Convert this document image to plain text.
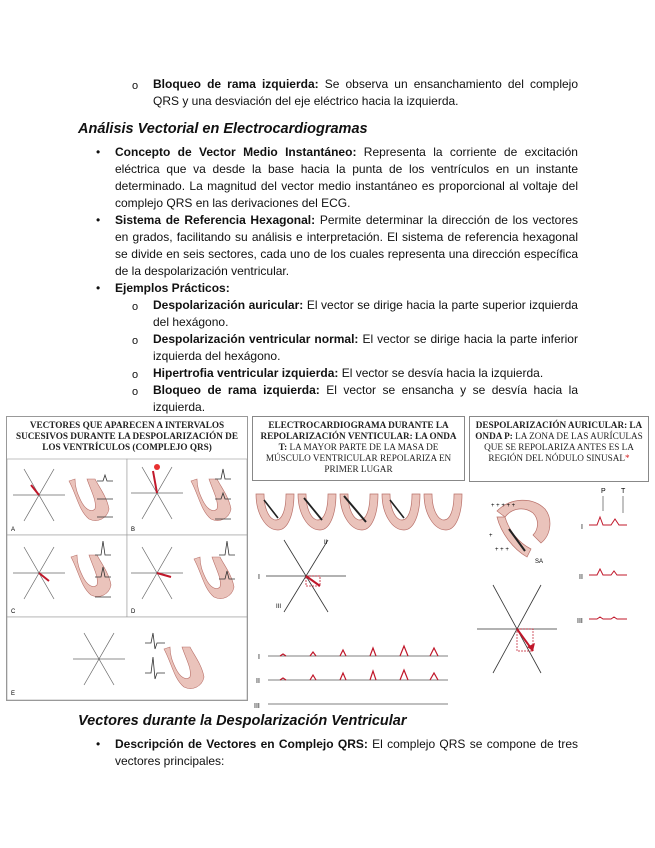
o Bloqueo de rama izquierda: Se observa un ensanchamiento del complejo QRS y una desviación del eje eléctrico hacia la izquierda.
Análisis Vectorial en Electrocardiogramas
• Concepto de Vector Medio Instantáneo: Representa la corriente de excitación eléctrica que va desde la base hacia la punta de los ventrículos en un instante determinado. La magnitud del vector medio instantáneo es proporcional al voltaje del complejo QRS en las derivaciones del ECG.
• Sistema de Referencia Hexagonal: Permite determinar la dirección de los vectores en grados, facilitando su análisis e interpretación. El sistema de referencia hexagonal se divide en seis sectores, cada uno de los cuales representa una dirección específica de la despolarización ventricular.
• Ejemplos Prácticos:
o Despolarización auricular: El vector se dirige hacia la parte superior izquierda del hexágono.
o Despolarización ventricular normal: El vector se dirige hacia la parte inferior izquierda del hexágono.
o Hipertrofia ventricular izquierda: El vector se desvía hacia la izquierda.
o Bloqueo de rama izquierda: El vector se ensancha y se desvía hacia la izquierda.
VECTORES QUE APARECEN A INTERVALOS SUCESIVOS DURANTE LA DESPOLARIZACIÓN DE LOS VENTRÍCULOS (COMPLEJO QRS)
A	B
C	D
E
ELECTROCARDIOGRAMA DURANTE LA REPOLARIZACIÓN VENTICULAR: LA ONDA T: LA MAYOR PARTE DE LA MASA DE MÚSCULO VENTRICULAR REPOLARIZA EN PRIMER LUGAR
I
III
II
I
II
III
DESPOLARIZACIÓN AURICULAR: LA ONDA P: LA ZONA DE LAS AURÍCULAS QUE SE REPOLARIZA ANTES ES LA REGIÓN DEL NÓDULO SINUSAL*
+ + + + +
+
+ + +
SA
P T
I
II
III
Vectores durante la Despolarización Ventricular
• Descripción de Vectores en Complejo QRS: El complejo QRS se compone de tres vectores principales:
